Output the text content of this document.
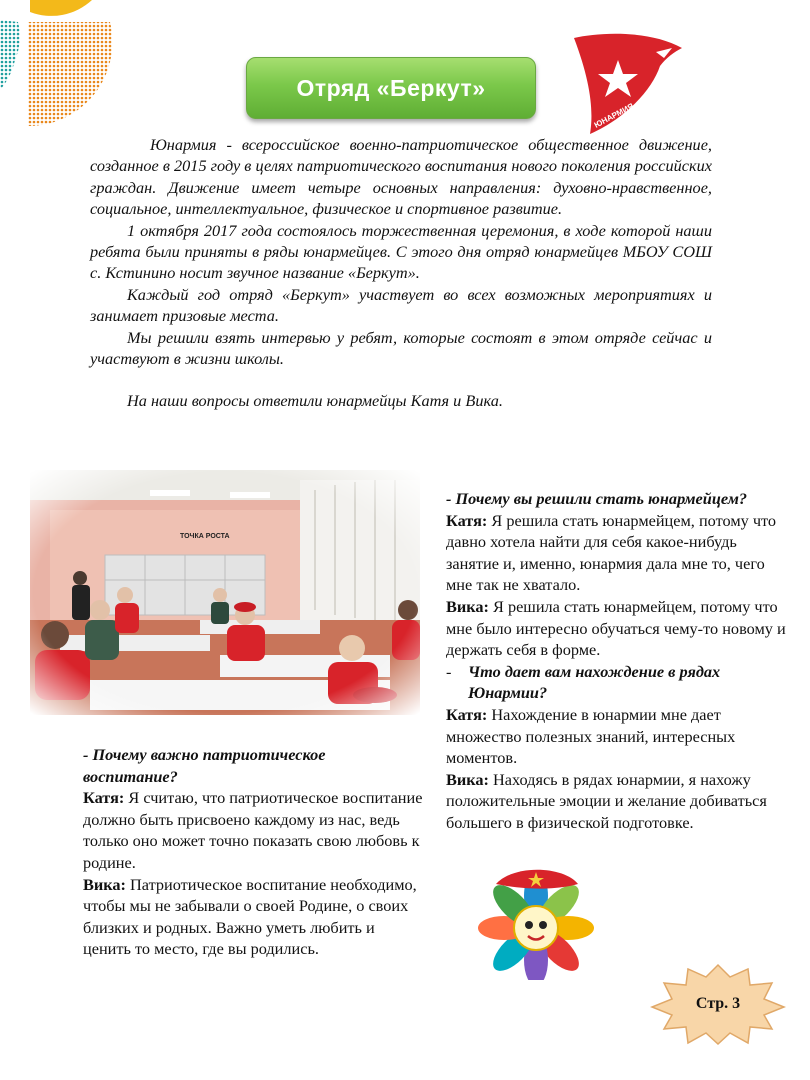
Отряд «Беркут»
ЮНАРМИЯ

Юнармия - всероссийское военно-патриотическое общественное движение, созданное в 2015 году в целях патриотического воспитания нового поколения российских граждан. Движение имеет четыре основных направления: духовно-нравственное, социальное, интеллектуальное, физическое и спортивное развитие.

1 октября 2017 года состоялось торжественная церемония, в ходе которой наши ребята были приняты в ряды юнармейцев. С этого дня отряд юнармейцев МБОУ СОШ с. Кстинино носит звучное название «Беркут».

Каждый год отряд «Беркут» участвует во всех возможных мероприятиях и занимает призовые места.

Мы решили взять интервью у ребят, которые состоят в этом отряде сейчас и участвуют в жизни школы.

На наши вопросы ответили юнармейцы Катя и Вика.

- Почему важно патриотическое воспитание?

Катя: Я считаю, что патриотическое воспитание должно быть присвоено каждому из нас, ведь только оно может точно показать свою любовь к родине.

Вика: Патриотическое воспитание необходимо, чтобы мы не забывали о своей Родине, о своих близких и родных. Важно уметь любить и ценить то место, где вы родились.

- Почему вы решили стать юнармейцем?

Катя: Я решила стать юнармейцем, потому что давно хотела найти для себя какое-нибудь занятие и, именно, юнармия дала мне то, чего мне так не хватало.

Вика: Я решила стать юнармейцем, потому что мне было интересно обучаться чему-то новому и держать себя в форме.

- Что дает вам нахождение в рядах Юнармии?

Катя: Нахождение в юнармии мне дает множество полезных знаний, интересных моментов.

Вика: Находясь в рядах юнармии, я нахожу положительные эмоции и желание добиваться большего в физической подготовке.

Стр. 3
